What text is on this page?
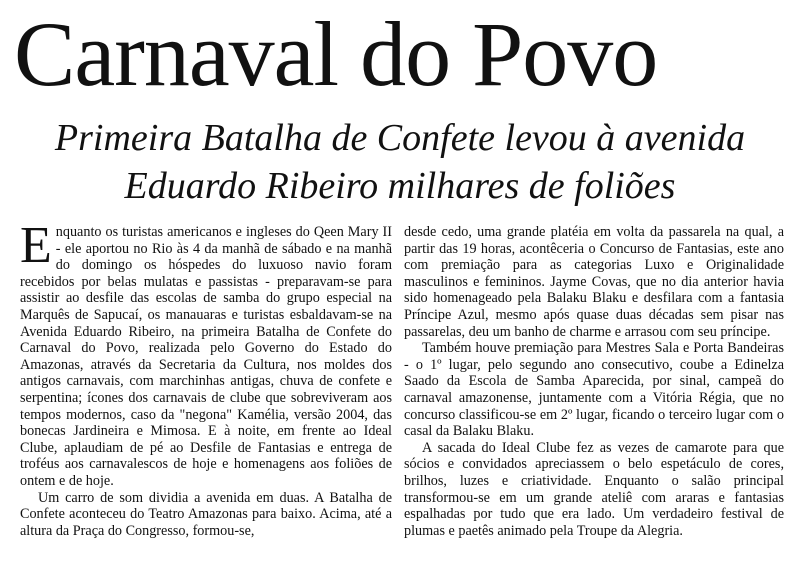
Carnaval do Povo
Primeira Batalha de Confete levou à avenida
Eduardo Ribeiro milhares de foliões

Enquanto os turistas americanos e ingleses do Qeen Mary II - ele aportou no Rio às 4 da manhã de sábado e na manhã do domingo os hóspedes do luxuoso navio foram recebidos por belas mulatas e passistas - preparavam-se para assistir ao desfile das escolas de samba do grupo especial na Marquês de Sapucaí, os manauaras e turistas esbaldavam-se na Avenida Eduardo Ribeiro, na primeira Batalha de Confete do Carnaval do Povo, realizada pelo Governo do Estado do Amazonas, através da Secretaria da Cultura, nos moldes dos antigos carnavais, com marchinhas antigas, chuva de confete e serpentina; ícones dos carnavais de clube que sobreviveram aos tempos modernos, caso da "negona" Kamélia, versão 2004, das bonecas Jardineira e Mimosa. E à noite, em frente ao Ideal Clube, aplaudiam de pé ao Desfile de Fantasias e entrega de troféus aos carnavalescos de hoje e homenagens aos foliões de ontem e de hoje.

Um carro de som dividia a avenida em duas. A Batalha de Confete aconteceu do Teatro Amazonas para baixo. Acima, até a altura da Praça do Congresso, formou-se,

desde cedo, uma grande platéia em volta da passarela na qual, a partir das 19 horas, acontêceria o Concurso de Fantasias, este ano com premiação para as categorias Luxo e Originalidade masculinos e femininos. Jayme Covas, que no dia anterior havia sido homenageado pela Balaku Blaku e desfilara com a fantasia Príncipe Azul, mesmo após quase duas décadas sem pisar nas passarelas, deu um banho de charme e arrasou com seu príncipe.

Também houve premiação para Mestres Sala e Porta Bandeiras - o 1º lugar, pelo segundo ano consecutivo, coube a Edinelza Saado da Escola de Samba Aparecida, por sinal, campeã do carnaval amazonense, juntamente com a Vitória Régia, que no concurso classificou-se em 2º lugar, ficando o terceiro lugar com o casal da Balaku Blaku.

A sacada do Ideal Clube fez as vezes de camarote para que sócios e convidados apreciassem o belo espetáculo de cores, brilhos, luzes e criatividade. Enquanto o salão principal transformou-se em um grande ateliê com araras e fantasias espalhadas por tudo que era lado. Um verdadeiro festival de plumas e paetês animado pela Troupe da Alegria.
